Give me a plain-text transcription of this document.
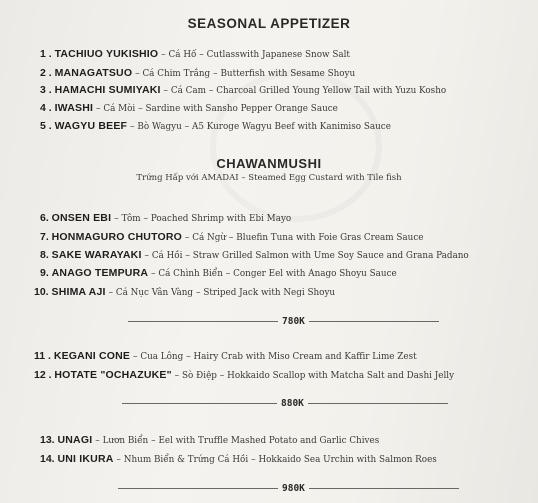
SEASONAL APPETIZER
1 . TACHIUO YUKISHIO – Cá Hố – Cutlasswith Japanese Snow Salt
2 . MANAGATSUO – Cá Chim Trắng – Butterfish with Sesame Shoyu
3 . HAMACHI SUMIYAKI – Cá Cam – Charcoal Grilled Young Yellow Tail with Yuzu Kosho
4 . IWASHI – Cá Mòi – Sardine with Sansho Pepper Orange Sauce
5 . WAGYU BEEF – Bò Wagyu – A5 Kuroge Wagyu Beef with Kanimiso Sauce
CHAWANMUSHI
Trứng Hấp với AMADAI – Steamed Egg Custard with Tile fish
6. ONSEN EBI – Tôm – Poached Shrimp with Ebi Mayo
7. HONMAGURO CHUTORO – Cá Ngừ – Bluefin Tuna with Foie Gras Cream Sauce
8. SAKE WARAYAKI – Cá Hồi – Straw Grilled Salmon with Ume Soy Sauce and Grana Padano
9. ANAGO TEMPURA – Cá Chình Biển – Conger Eel with Anago Shoyu Sauce
10. SHIMA AJI – Cá Nục Vân Vàng – Striped Jack with Negi Shoyu
780K
11 . KEGANI CONE – Cua Lông – Hairy Crab with Miso Cream and Kaffir Lime Zest
12 . HOTATE "OCHAZUKE" – Sò Điệp – Hokkaido Scallop with Matcha Salt and Dashi Jelly
880K
13. UNAGI – Lươn Biển – Eel with Truffle Mashed Potato and Garlic Chives
14. UNI IKURA – Nhum Biển & Trứng Cá Hồi – Hokkaido Sea Urchin with Salmon Roes
980K
